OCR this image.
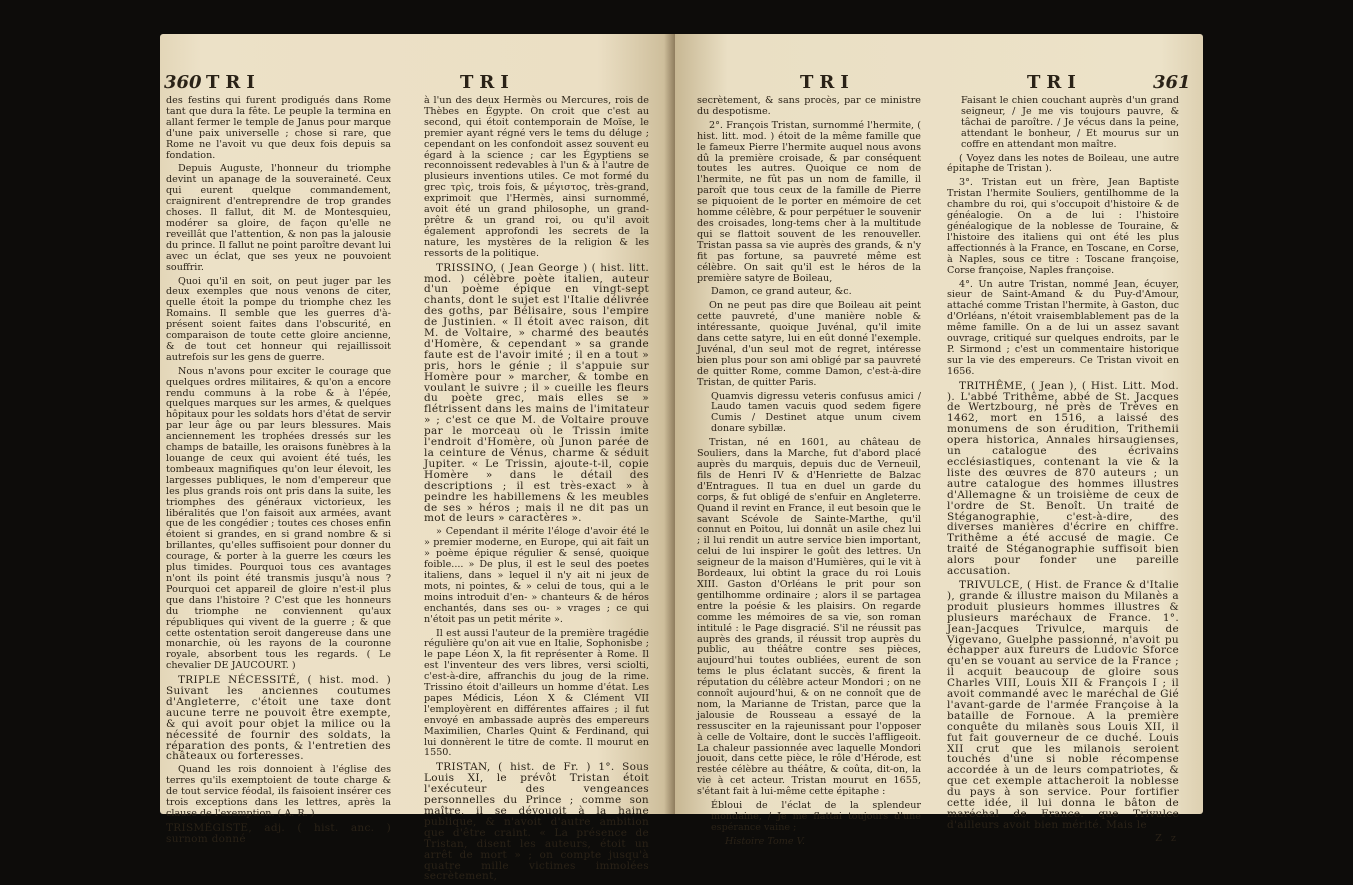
360 TRI	TRI

des festins qui furent prodigués dans Rome tant que dura la fête. Le peuple la termina en allant fermer le temple de Janus pour marque d'une paix universelle ; chose si rare, que Rome ne l'avoit vu que deux fois depuis sa fondation.

Depuis Auguste, l'honneur du triomphe devint un apanage de la souveraineté. Ceux qui eurent quelque commandement, craignirent d'entreprendre de trop grandes choses. Il fallut, dit M. de Montesquieu, modérer sa gloire, de façon qu'elle ne reveillât que l'attention, & non pas la jalousie du prince. Il fallut ne point paroître devant lui avec un éclat, que ses yeux ne pouvoient souffrir.

Quoi qu'il en soit, on peut juger par les deux exemples que nous venons de citer, quelle étoit la pompe du triomphe chez les Romains. Il semble que les guerres d'à-présent soient faites dans l'obscurité, en comparaison de toute cette gloire ancienne, & de tout cet honneur qui rejaillissoit autrefois sur les gens de guerre.

Nous n'avons pour exciter le courage que quelques ordres militaires, & qu'on a encore rendu communs à la robe & à l'épée, quelques marques sur les armes, & quelques hôpitaux pour les soldats hors d'état de servir par leur âge ou par leurs blessures. Mais anciennement les trophées dressés sur les champs de bataille, les oraisons funèbres à la louange de ceux qui avoient été tués, les tombeaux magnifiques qu'on leur élevoit, les largesses publiques, le nom d'empereur que les plus grands rois ont pris dans la suite, les triomphes des généraux victorieux, les libéralités que l'on faisoit aux armées, avant que de les congédier ; toutes ces choses enfin étoient si grandes, en si grand nombre & si brillantes, qu'elles suffisoient pour donner du courage, & porter à la guerre les cœurs les plus timides. Pourquoi tous ces avantages n'ont ils point été transmis jusqu'à nous ? Pourquoi cet appareil de gloire n'est-il plus que dans l'histoire ? C'est que les honneurs du triomphe ne conviennent qu'aux républiques qui vivent de la guerre ; & que cette ostentation seroit dangereuse dans une monarchie, où les rayons de la couronne royale, absorbent tous les regards. ( Le chevalier DE JAUCOURT. )

TRIPLE NÉCESSITÉ, ( hist. mod. ) Suivant les anciennes coutumes d'Angleterre, c'étoit une taxe dont aucune terre ne pouvoit être exempte, & qui avoit pour objet la milice ou la nécessité de fournir des soldats, la réparation des ponts, & l'entretien des châteaux ou forteresses.

Quand les rois donnoient à l'église des terres qu'ils exemptoient de toute charge & de tout service féodal, ils faisoient insérer ces trois exceptions dans les lettres, après la clause de l'exemption. ( A. R. )

TRISMÉGISTE, adj. ( hist. anc. ) surnom donné

à l'un des deux Hermès ou Mercures, rois de Thèbes en Égypte. On croit que c'est au second, qui étoit contemporain de Moïse, le premier ayant régné vers le tems du déluge ; cependant on les confondoit assez souvent eu égard à la science ; car les Égyptiens se reconnoissent redevables à l'un & à l'autre de plusieurs inventions utiles. Ce mot formé du grec τρὶς, trois fois, & μέγιστος, très-grand, exprimoit que l'Hermès, ainsi surnommé, avoit été un grand philosophe, un grand-prêtre & un grand roi, ou qu'il avoit également approfondi les secrets de la nature, les mystères de la religion & les ressorts de la politique.

TRISSINO, ( Jean George ) ( hist. litt. mod. ) célèbre poète italien, auteur d'un poème épique en vingt-sept chants, dont le sujet est l'Italie délivrée des goths, par Bélisaire, sous l'empire de Justinien. « Il étoit avec raison, dit M. de Voltaire, » charmé des beautés d'Homère, & cependant » sa grande faute est de l'avoir imité ; il en a tout » pris, hors le génie ; il s'appuie sur Homère pour » marcher, & tombe en voulant le suivre ; il » cueille les fleurs du poète grec, mais elles se » flétrissent dans les mains de l'imitateur » ; c'est ce que M. de Voltaire prouve par le morceau où le Trissin imite l'endroit d'Homère, où Junon parée de la ceinture de Vénus, charme & séduit Jupiter. « Le Trissin, ajoute-t-il, copie Homère » dans le détail des descriptions ; il est très-exact » à peindre les habillemens & les meubles de ses » héros ; mais il ne dit pas un mot de leurs » caractères ».

» Cependant il mérite l'éloge d'avoir été le » premier moderne, en Europe, qui ait fait un » poème épique régulier & sensé, quoique foible.... » De plus, il est le seul des poetes italiens, dans » lequel il n'y ait ni jeux de mots, ni pointes, & » celui de tous, qui a le moins introduit d'en- » chanteurs & de héros enchantés, dans ses ou- » vrages ; ce qui n'étoit pas un petit mérite ».

Il est aussi l'auteur de la première tragédie régulière qu'on ait vue en Italie, Sophonisbe ; le pape Léon X, la fit représenter à Rome. Il est l'inventeur des vers libres, versi sciolti, c'est-à-dire, affranchis du joug de la rime. Trissino étoit d'ailleurs un homme d'état. Les papes Médicis, Léon X & Clément VII l'employèrent en différentes affaires ; il fut envoyé en ambassade auprès des empereurs Maximilien, Charles Quint & Ferdinand, qui lui donnèrent le titre de comte. Il mourut en 1550.

TRISTAN, ( hist. de Fr. ) 1°. Sous Louis XI, le prévôt Tristan étoit l'exécuteur des vengeances personnelles du Prince ; comme son maître, il se dévouoit à la haine publique, & n'avoit d'autre ambition que d'être craint. « La présence de Tristan, disent les auteurs, étoit un arrêt de mort » ; on compte jusqu'à quatre mille victimes immolées secrètement,

TRI	TRI	361

secrètement, & sans procès, par ce ministre du despotisme.

2°. François Tristan, surnommé l'hermite, ( hist. litt. mod. ) étoit de la même famille que le fameux Pierre l'hermite auquel nous avons dû la première croisade, & par conséquent toutes les autres. Quoique ce nom de l'hermite, ne fût pas un nom de famille, il paroît que tous ceux de la famille de Pierre se piquoient de le porter en mémoire de cet homme célèbre, & pour perpétuer le souvenir des croisades, long-tems cher à la multitude qui se flattoit souvent de les renouveller. Tristan passa sa vie auprès des grands, & n'y fit pas fortune, sa pauvreté même est célèbre. On sait qu'il est le héros de la première satyre de Boileau,

Damon, ce grand auteur, &c.

On ne peut pas dire que Boileau ait peint cette pauvreté, d'une manière noble & intéressante, quoique Juvénal, qu'il imite dans cette satyre, lui en eût donné l'exemple. Juvénal, d'un seul mot de regret, intéresse bien plus pour son ami obligé par sa pauvreté de quitter Rome, comme Damon, c'est-à-dire Tristan, de quitter Paris.

Quamvis digressu veteris confusus amici / Laudo tamen vacuis quod sedem figere Cumis / Destinet atque unum civem donare sybillæ.

Tristan, né en 1601, au château de Souliers, dans la Marche, fut d'abord placé auprès du marquis, depuis duc de Verneuil, fils de Henri IV & d'Henriette de Balzac d'Entragues. Il tua en duel un garde du corps, & fut obligé de s'enfuir en Angleterre. Quand il revint en France, il eut besoin que le savant Scévole de Sainte-Marthe, qu'il connut en Poitou, lui donnât un asile chez lui ; il lui rendit un autre service bien important, celui de lui inspirer le goût des lettres. Un seigneur de la maison d'Humières, qui le vit à Bordeaux, lui obtint la grace du roi Louis XIII. Gaston d'Orléans le prit pour son gentilhomme ordinaire ; alors il se partagea entre la poésie & les plaisirs. On regarde comme les mémoires de sa vie, son roman intitulé : le Page disgracié. S'il ne réussit pas auprès des grands, il réussit trop auprès du public, au théâtre contre ses pièces, aujourd'hui toutes oubliées, eurent de son tems le plus éclatant succès, & firent la réputation du célèbre acteur Mondori ; on ne connoît aujourd'hui, & on ne connoît que de nom, la Marianne de Tristan, parce que la jalousie de Rousseau a essayé de la ressusciter en la rajeunissant pour l'opposer à celle de Voltaire, dont le succès l'affligeoit. La chaleur passionnée avec laquelle Mondori jouoit, dans cette pièce, le rôle d'Hérode, est restée célèbre au théâtre, & coûta, dit-on, la vie à cet acteur. Tristan mourut en 1655, s'étant fait à lui-même cette épitaphe :

Ébloui de l'éclat de la splendeur mondaine, / Je me flattai toujours d'une espérance vaine ;

Histoire Tome V.

Faisant le chien couchant auprès d'un grand seigneur, / Je me vis toujours pauvre, & tâchai de paroître. / Je vécus dans la peine, attendant le bonheur, / Et mourus sur un coffre en attendant mon maître.

( Voyez dans les notes de Boileau, une autre épitaphe de Tristan ).

3°. Tristan eut un frère, Jean Baptiste Tristan l'hermite Souliers, gentilhomme de la chambre du roi, qui s'occupoit d'histoire & de généalogie. On a de lui : l'histoire généalogique de la noblesse de Touraine, & l'histoire des italiens qui ont été les plus affectionnés à la France, en Toscane, en Corse, à Naples, sous ce titre : Toscane françoise, Corse françoise, Naples françoise.

4°. Un autre Tristan, nommé Jean, écuyer, sieur de Saint-Amand & du Puy-d'Amour, attaché comme Tristan l'hermite, à Gaston, duc d'Orléans, n'étoit vraisemblablement pas de la même famille. On a de lui un assez savant ouvrage, critiqué sur quelques endroits, par le P. Sirmond ; c'est un commentaire historique sur la vie des empereurs. Ce Tristan vivoit en 1656.

TRITHÊME, ( Jean ), ( Hist. Litt. Mod. ). L'abbé Trithême, abbé de St. Jacques de Wertzbourg, né près de Trèves en 1462, mort en 1516, a laissé des monumens de son érudition, Trithemii opera historica, Annales hirsaugienses, un catalogue des écrivains ecclésiastiques, contenant la vie & la liste des œuvres de 870 auteurs ; un autre catalogue des hommes illustres d'Allemagne & un troisième de ceux de l'ordre de St. Benoît. Un traité de Stéganographie, c'est-à-dire, des diverses manières d'écrire en chiffre. Trithême a été accusé de magie. Ce traité de Stéganographie suffisoit bien alors pour fonder une pareille accusation.

TRIVULCE, ( Hist. de France & d'Italie ), grande & illustre maison du Milanès a produit plusieurs hommes illustres & plusieurs maréchaux de France. 1°. Jean-Jacques Trivulce, marquis de Vigevano, Guelphe passionné, n'avoit pu échapper aux fureurs de Ludovic Sforce qu'en se vouant au service de la France ; il acquit beaucoup de gloire sous Charles VIII, Louis XII & François I ; il avoit commandé avec le maréchal de Gié l'avant-garde de l'armée Françoise à la bataille de Fornoue. A la première conquête du milanès sous Louis XII, il fut fait gouverneur de ce duché. Louis XII crut que les milanois seroient touchés d'une si noble récompense accordée à un de leurs compatriotes, & que cet exemple attacheroit la noblesse du pays à son service. Pour fortifier cette idée, il lui donna le bâton de maréchal de France. que Trivulce d'ailleurs avoit bien mérité. Mais le

Z z
